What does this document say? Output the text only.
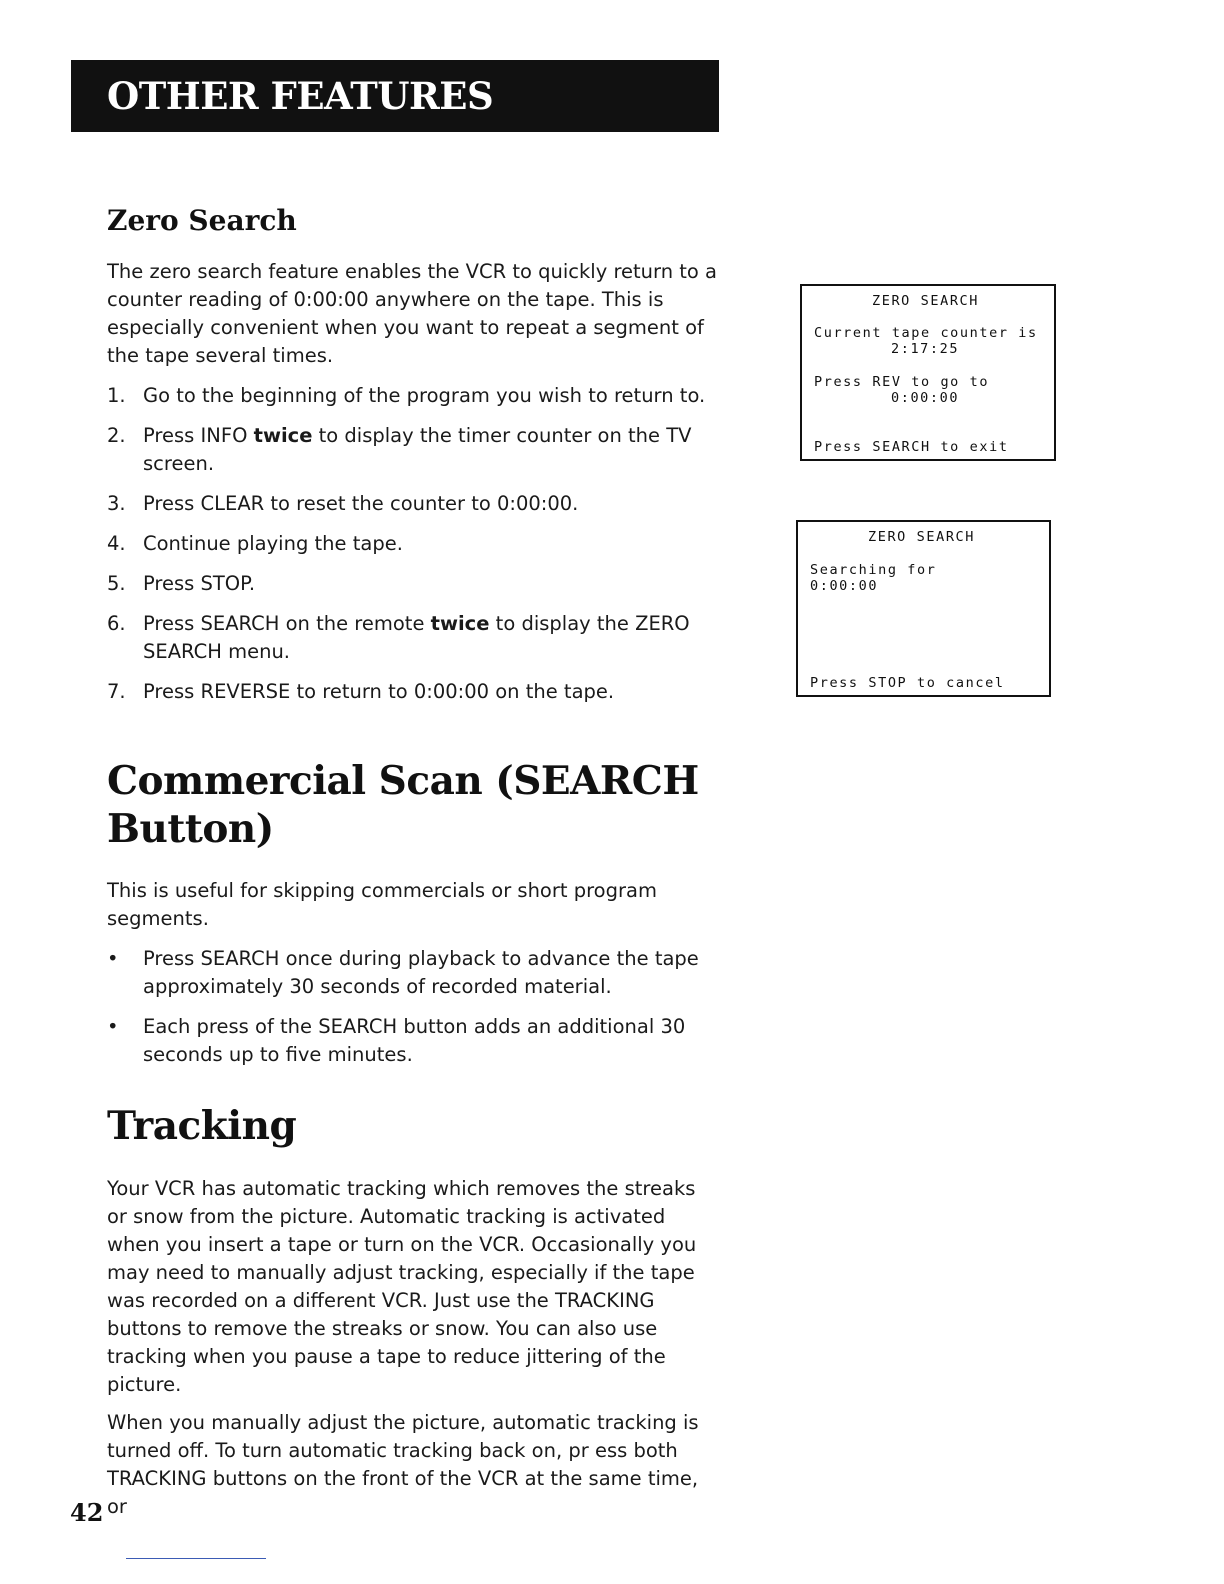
OTHER FEATURES
Zero Search

The zero search feature enables the VCR to quickly return to a counter reading of 0:00:00 anywhere on the tape. This is especially convenient when you want to repeat a segment of the tape several times.

1. Go to the beginning of the program you wish to return to.
2. Press INFO twice to display the timer counter on the TV screen.
3. Press CLEAR to reset the counter to 0:00:00.
4. Continue playing the tape.
5. Press STOP.
6. Press SEARCH on the remote twice to display the ZERO SEARCH menu.
7. Press REVERSE to return to 0:00:00 on the tape.
ZERO SEARCH
Current tape counter is
2:17:25
Press REV to go to
0:00:00
Press SEARCH to exit
ZERO SEARCH
Searching for
0:00:00
Press STOP to cancel
Commercial Scan (SEARCH
Button)

This is useful for skipping commercials or short program segments.

• Press SEARCH once during playback to advance the tape approximately 30 seconds of recorded material.
• Each press of the SEARCH button adds an additional 30 seconds up to five minutes.
Tracking

Your VCR has automatic tracking which removes the streaks or snow from the picture. Automatic tracking is activated when you insert a tape or turn on the VCR. Occasionally you may need to manually adjust tracking, especially if the tape was recorded on a different VCR. Just use the TRACKING buttons to remove the streaks or snow. You can also use tracking when you pause a tape to reduce jittering of the picture.

When you manually adjust the picture, automatic tracking is turned off. To turn automatic tracking back on, pr ess both TRACKING buttons on the front of the VCR at the same time, or

42
